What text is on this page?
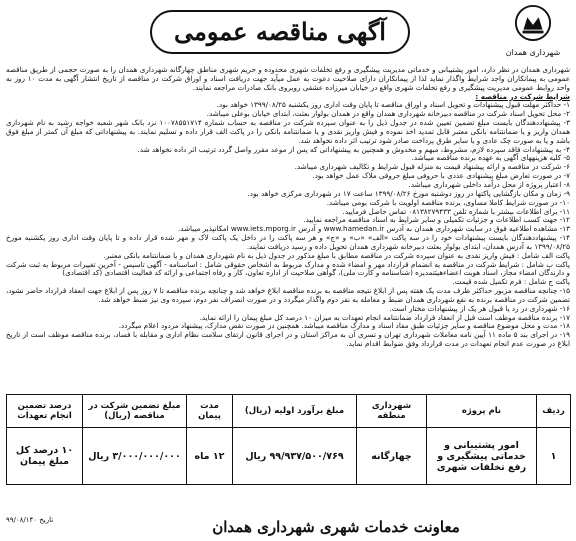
شهرداری همدان
آگهی مناقصه عمومی

شهرداری همدان در نظر دارد، امور پشتیبانی و خدماتی مدیریت پیشگیری و رفع تخلفات شهری محدوده و حریم شهری مناطق چهارگانه شهرداری همدان را به صورت حجمی از طریق مناقصه عمومی به پیمانکاران واجد شرایط واگذار نماید لذا از پیمانکاران دارای صلاحیت دعوت به عمل میآید جهت دریافت اسناد و اوراق شرکت در مناقصه از تاریخ انتشار آگهی به مدت ۱۰ روز به واحد روابط عمومی مدیریت پیشگیری و رفع تخلفات شهری واقع در خیابان میرزاده عشقی روبروی بانک صادرات مراجعه نمایند.

شرایط شرکت در مناقصه :

۱- حداکثر مهلت قبول پیشنهادات و تحویل اسناد و اوراق مناقصه تا پایان وقت اداری روز یکشنبه ۱۳۹۹/۰۸/۲۵ خواهد بود.

۲- محل تحویل اسناد شرکت در مناقصه دبیرخانه شهرداری همدان واقع در همدان بولوار بعثت، ابتدای خیابان بوعلی میباشد.

۳- پیشنهاددهندگان بایست مبلغ تضمین تعیین شده در جدول ذیل را به عنوان سپرده شرکت در مناقصه به حساب شماره ۱۰۰۷۸۵۵۱۷۱۴ نزد بانک شهر شعبه خواجه رشید به نام شهرداری همدان واریز و یا ضمانتنامه بانکی معتبر قابل تمدید اخذ نموده و فیش واریز نقدی و یا ضمانتنامه بانکی را در پاکت الف قرار داده و تسلیم نمایند. به پیشنهاداتی که مبلغ آن کمتر از مبلغ فوق باشد و یا به صورت چک عادی و یا سایر طرق پرداخت صادر شود ترتیب اثر داده نخواهد شد.

۴- به پیشنهادات فاقد سپرده لازم، مشروط، مبهم و مخدوش و همچنین به پیشنهاداتی که پس از موعد مقرر واصل گردد ترتیب اثر داده نخواهد شد.

۵- کلیه هزینههای آگهی به عهده برنده مناقصه میباشد.

۶- شرکت در مناقصه و ارائه پیشنهاد قیمت به منزله قبول شرایط و تکالیف شهرداری میباشد.

۷- در صورت تعارض مبلغ پیشنهادی عددی با حروفی مبلغ حروفی ملاک عمل خواهد بود.

۸- اعتبار پروژه از محل درآمد داخلی شهرداری میباشد.

۹- زمان و مکان بازگشایی پاکتها در روز دوشنبه مورخ ۱۳۹۹/۰۸/۲۶ ساعت ۱۷ در شهرداری مرکزی خواهد بود.

۱۰- در صورت شرایط کاملا مساوی، برنده مناقصه اولویت با شرکت بومی میباشد.

۱۱- برای اطلاعات بیشتر با شماره تلفن ۰۸۱۳۸۲۷۹۴۳۳ تماس حاصل فرمایید.

۱۲- جهت کسب اطلاعات و جزئیات تکمیلی و سایر شرایط به اسناد مناقصه مراجعه نمایید.

۱۳- مشاهده اطلاعیه فوق در سایت شهرداری همدان به آدرس www.hamedan.ir و آدرس www.iets.mporg.ir امکانپذیر میباشد.

۱۴- پیشنهاددهندگان بایست پیشنهادات خود را در سه پاکت «الف» «ب» و «ج» و هر سه پاکت را در داخل یک پاکت لاک و مهر شده قرار داده و تا پایان وقت اداری روز یکشنبه مورخ ۱۳۹۹/۰۸/۲۵ به آدرس همدان، ابتدای بولوار بعثت دبیرخانه شهرداری همدان تحویل داده و رسید دریافت نمایند.

پاکت الف شامل : فیش واریز نقدی به عنوان سپرده شرکت در مناقصه مطابق با مبلغ مذکور در جدول ذیل به نام شهرداری همدان و یا ضمانتنامه بانکی معتبر.

پاکت ب شامل : شرایط شرکت در مناقصه به انضمام قرارداد مهر و امضاء شده و مدارک مربوط به اشخاص حقوقی شامل : اساسنامه - آگهی تاسیس - آخرین تغییرات مربوط به ثبت شرکت و دارندگان امضاء مجاز، اسناد هویت اعضاءهیئتمدیره (شناسنامه و کارت ملی)، گواهی صلاحیت از اداره تعاون، کار و رفاه اجتماعی و ارائه کد فعالیت اقتصادی (کد اقتصادی)

پاکت ج شامل : فرم تکمیل شده قیمت.

۱۵- چنانچه مناقصه مزبور حداکثر ظرف مدت یک هفته پس از ابلاغ نتیجه مناقصه به برنده مناقصه ابلاغ خواهد شد و چنانچه برنده مناقصه تا ۷ روز پس از ابلاغ جهت انعقاد قرارداد حاضر نشود، تضمین شرکت در مناقصه برنده به نفع شهرداری همدان ضبط و معامله به نفر دوم واگذار میگردد و در صورت انصراف نفر دوم، سپرده وی نیز ضبط خواهد شد.

۱۶- شهرداری در رد یا قبول هر یک از پیشنهادات مختار است.

۱۷- برنده مناقصه موظف است قبل از انعقاد قرارداد ضمانتنامه انجام تعهدات به میزان ۱۰ درصد کل مبلغ پیمان را ارائه نماید.

۱۸- مدت و محل موضوع مناقصه و سایر جزئیات طبق مفاد اسناد و مدارک مناقصه میباشد. همچنین در صورت نقص مدارک، پیشنهاد مردود اعلام میگردد.

۱۹- در اجرای بند ۵ ماده ۱۱ آیین نامه معاملات شهرداری تهران و تسری آن به مراکز استان و در اجرای قانون ارتقای سلامت نظام اداری و مقابله با فساد، برنده مناقصه موظف است از تاریخ ابلاغ در صورت عدم انجام تعهدات در مدت قرارداد وفق ضوابط اقدام نماید.

ردیف	نام پروژه	شهرداری منطقه	مبلغ برآورد اولیه (ریال)	مدت پیمان	مبلغ تضمین شرکت در مناقصه (ریال)	درصد تضمین انجام تعهدات
۱	امور پشتیبانی و خدماتی پیشگیری و رفع تخلفات شهری	چهارگانه	۹۹/۹۳۷/۵۰۰/۷۶۹ ریال	۱۲ ماه	۳/۰۰۰/۰۰۰/۰۰۰ ریال	۱۰ درصد کل مبلغ پیمان
معاونت خدمات شهری شهرداری همدان
تاریخ ۹۹/۰۸/۱۴۰
